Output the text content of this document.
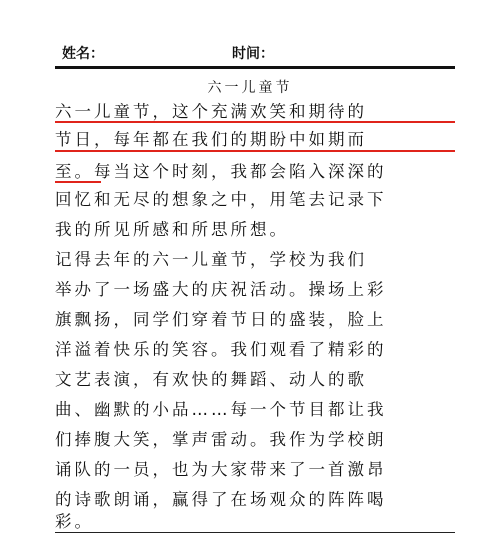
姓名：	时间：
六一儿童节
六一儿童节，这个充满欢笑和期待的
节日，每年都在我们的期盼中如期而
至。每当这个时刻，我都会陷入深深的
回忆和无尽的想象之中，用笔去记录下
我的所见所感和所思所想。
记得去年的六一儿童节，学校为我们
举办了一场盛大的庆祝活动。操场上彩
旗飘扬，同学们穿着节日的盛装，脸上
洋溢着快乐的笑容。我们观看了精彩的
文艺表演，有欢快的舞蹈、动人的歌
曲、幽默的小品……每一个节目都让我
们捧腹大笑，掌声雷动。我作为学校朗
诵队的一员，也为大家带来了一首激昂
的诗歌朗诵，赢得了在场观众的阵阵喝
彩。
